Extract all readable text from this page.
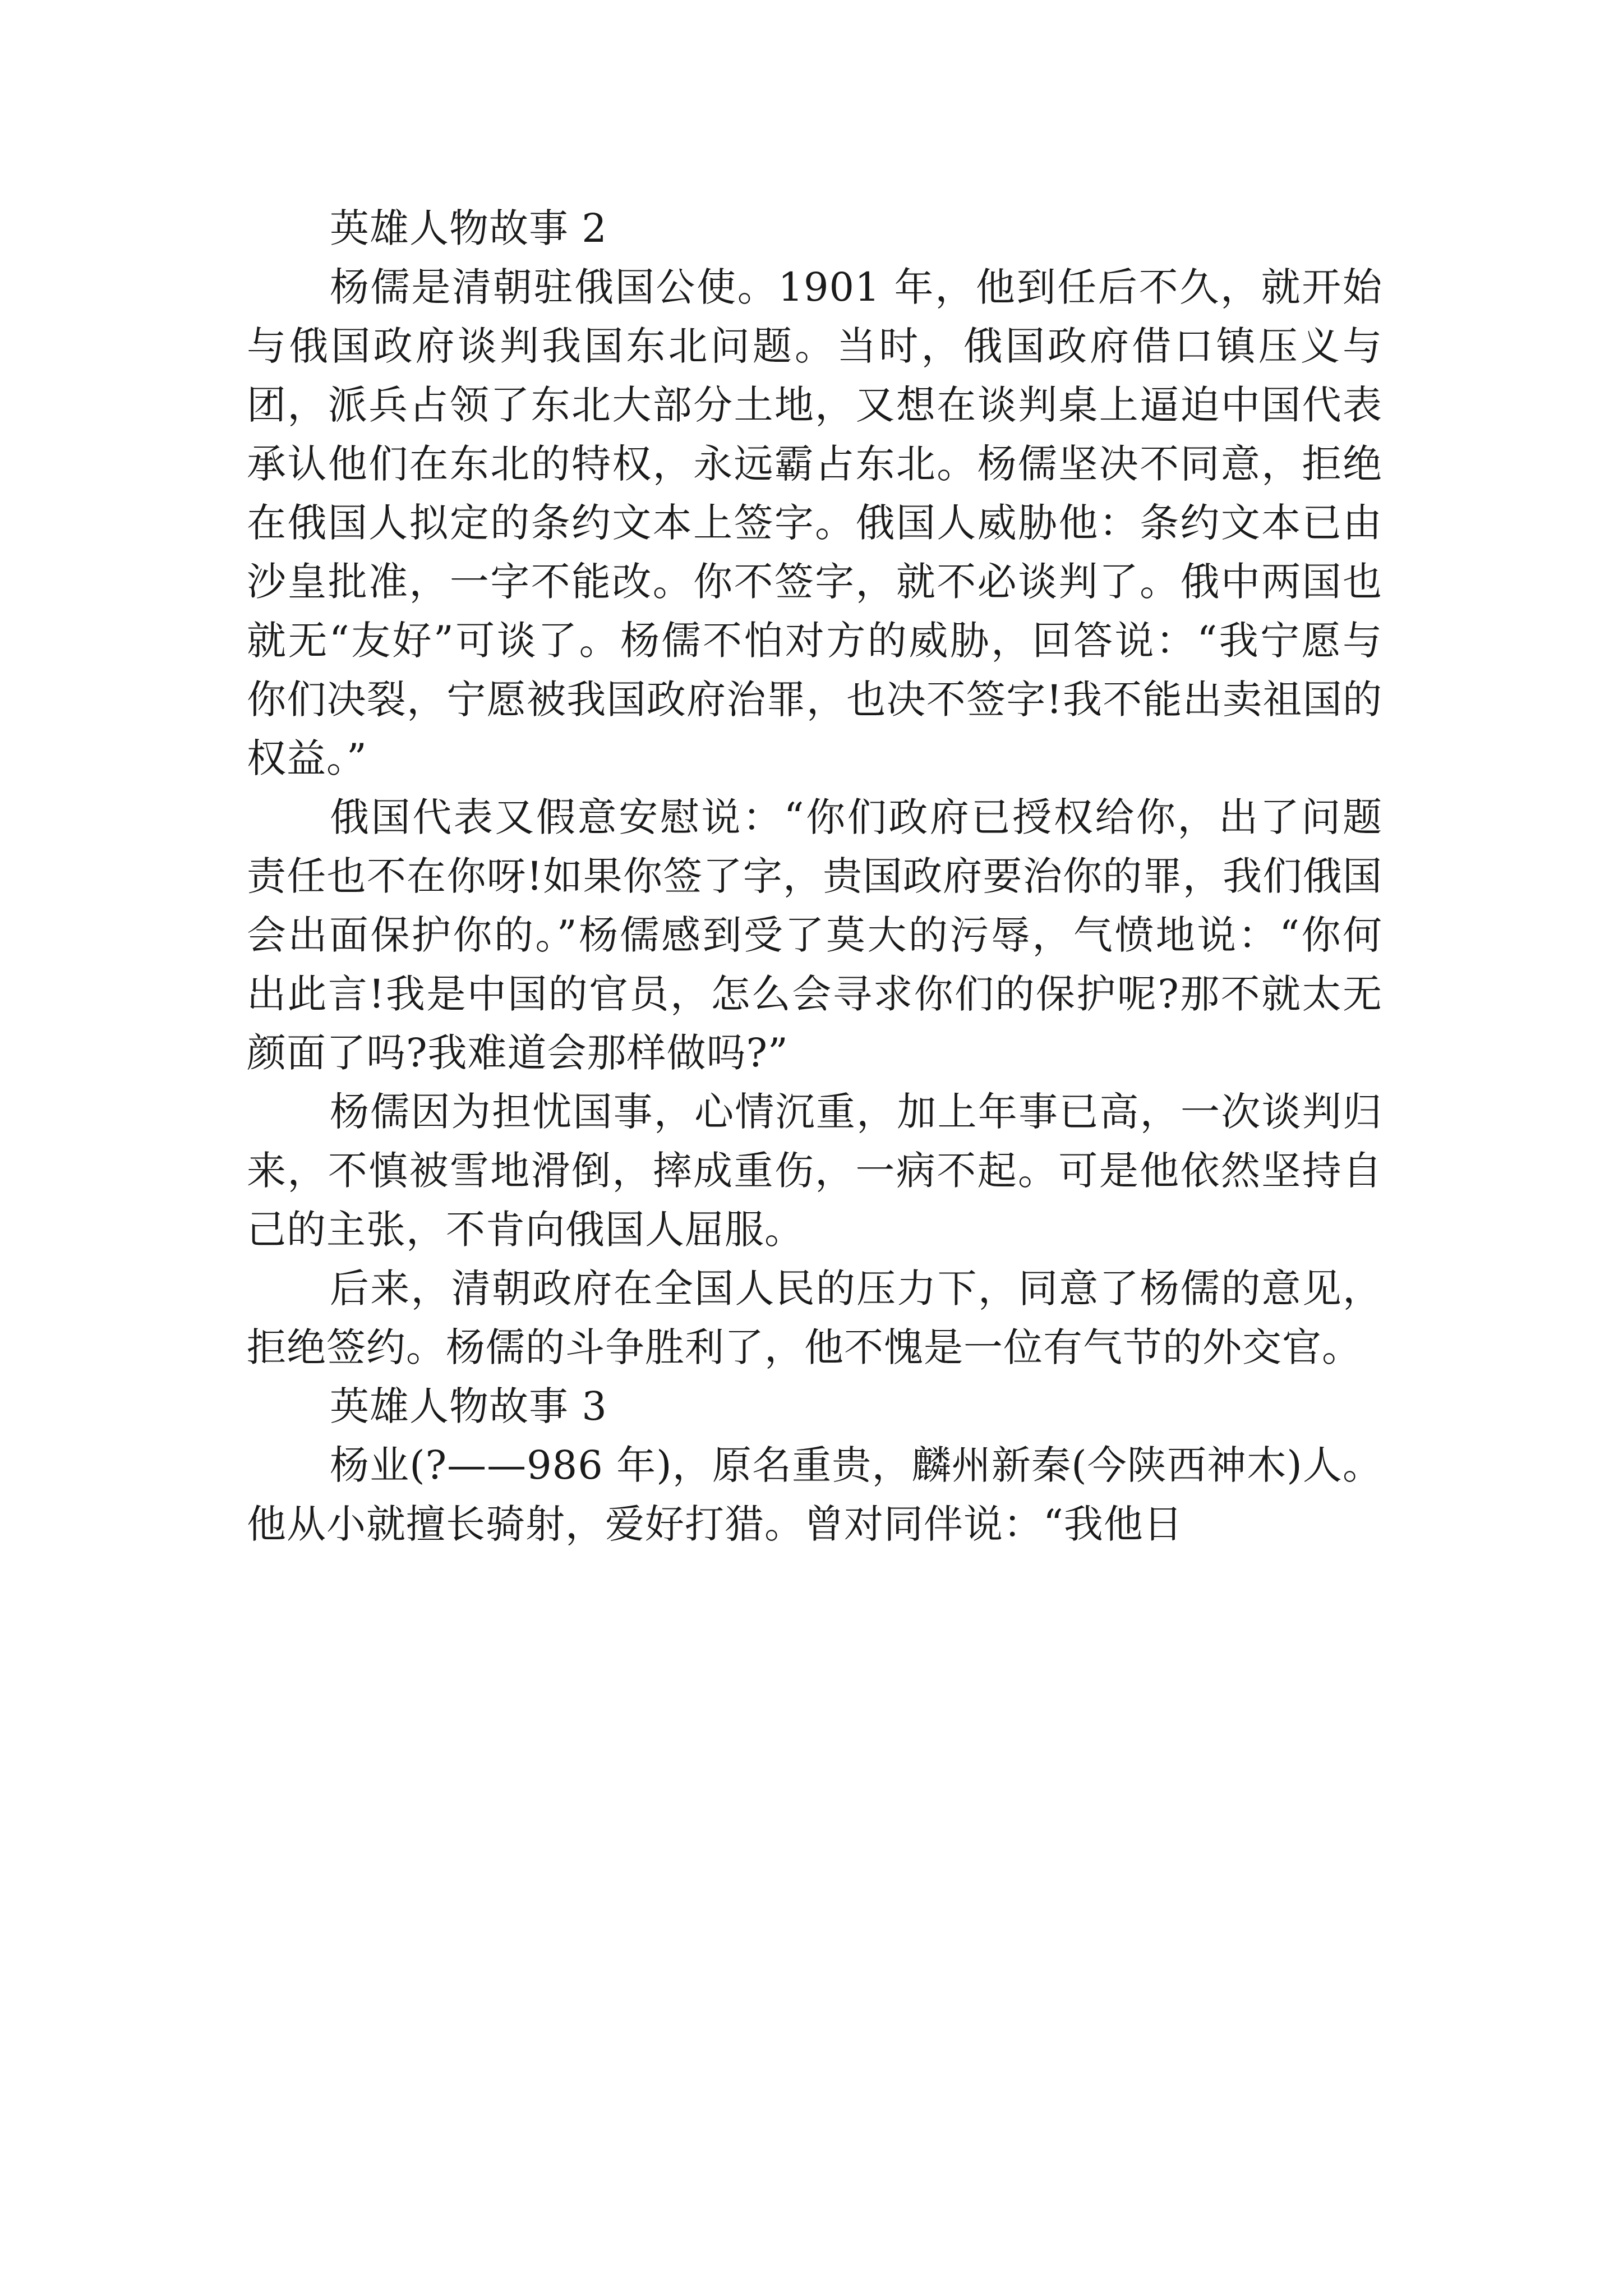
英雄人物故事 2

杨儒是清朝驻俄国公使。1901 年，他到任后不久，就开始与俄国政府谈判我国东北问题。当时，俄国政府借口镇压义与团，派兵占领了东北大部分土地，又想在谈判桌上逼迫中国代表承认他们在东北的特权，永远霸占东北。杨儒坚决不同意，拒绝在俄国人拟定的条约文本上签字。俄国人威胁他：条约文本已由沙皇批准，一字不能改。你不签字，就不必谈判了。俄中两国也就无“友好”可谈了。杨儒不怕对方的威胁，回答说：“我宁愿与你们决裂，宁愿被我国政府治罪，也决不签字!我不能出卖祖国的权益。”

俄国代表又假意安慰说：“你们政府已授权给你，出了问题责任也不在你呀!如果你签了字，贵国政府要治你的罪，我们俄国会出面保护你的。”杨儒感到受了莫大的污辱，气愤地说：“你何出此言!我是中国的官员，怎么会寻求你们的保护呢?那不就太无颜面了吗?我难道会那样做吗?”

杨儒因为担忧国事，心情沉重，加上年事已高，一次谈判归来，不慎被雪地滑倒，摔成重伤，一病不起。可是他依然坚持自己的主张，不肯向俄国人屈服。

后来，清朝政府在全国人民的压力下，同意了杨儒的意见，拒绝签约。杨儒的斗争胜利了，他不愧是一位有气节的外交官。

英雄人物故事 3

杨业(?——986 年)，原名重贵，麟州新秦(今陕西神木)人。他从小就擅长骑射，爱好打猎。曾对同伴说：“我他日
